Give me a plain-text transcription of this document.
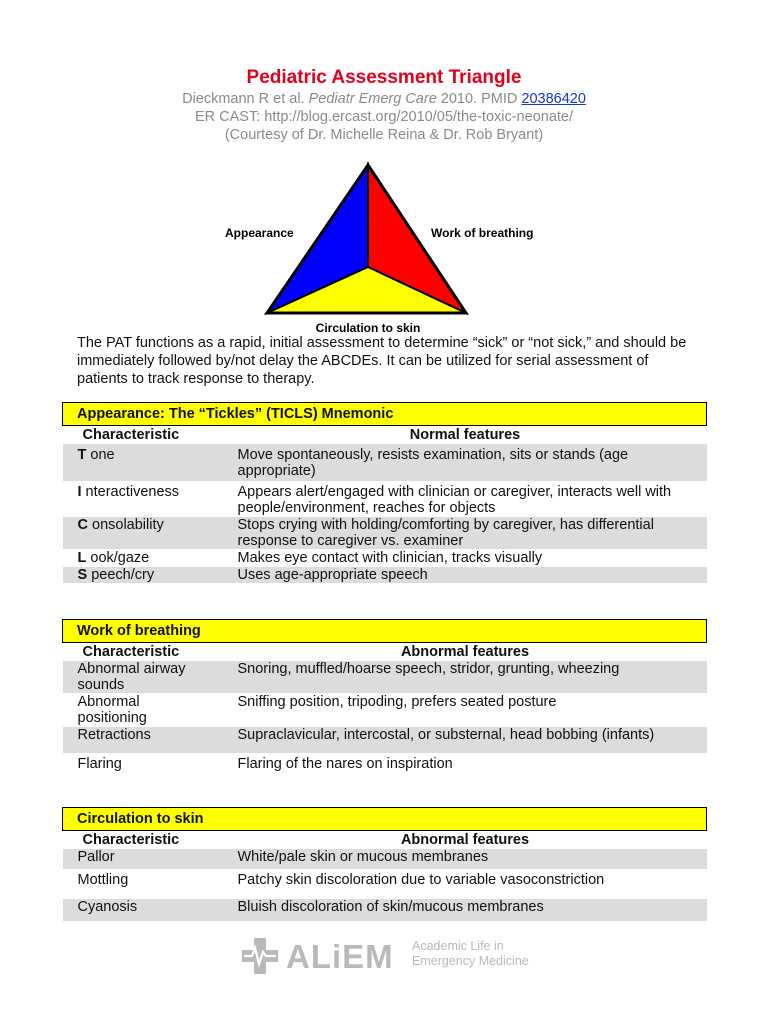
Pediatric Assessment Triangle
Dieckmann R et al. Pediatr Emerg Care 2010. PMID 20386420
ER CAST: http://blog.ercast.org/2010/05/the-toxic-neonate/
(Courtesy of Dr. Michelle Reina & Dr. Rob Bryant)
Appearance	Work of breathing
Circulation to skin
The PAT functions as a rapid, initial assessment to determine “sick” or “not sick,” and should be immediately followed by/not delay the ABCDEs. It can be utilized for serial assessment of patients to track response to therapy.
Appearance: The “Tickles” (TICLS) Mnemonic	
Characteristic	Normal features
T one	Move spontaneously, resists examination, sits or stands (age appropriate)
I nteractiveness	Appears alert/engaged with clinician or caregiver, interacts well with people/environment, reaches for objects
C onsolability	Stops crying with holding/comforting by caregiver, has differential response to caregiver vs. examiner
L ook/gaze	Makes eye contact with clinician, tracks visually
S peech/cry	Uses age-appropriate speech
Work of breathing	
Characteristic	Abnormal features
Abnormal airway sounds	Snoring, muffled/hoarse speech, stridor, grunting, wheezing
Abnormal positioning	Sniffing position, tripoding, prefers seated posture
Retractions	Supraclavicular, intercostal, or substernal, head bobbing (infants)
Flaring	Flaring of the nares on inspiration
Circulation to skin	
Characteristic	Abnormal features
Pallor	White/pale skin or mucous membranes
Mottling	Patchy skin discoloration due to variable vasoconstriction
Cyanosis	Bluish discoloration of skin/mucous membranes
ALiEM Academic Life in
Emergency Medicine
